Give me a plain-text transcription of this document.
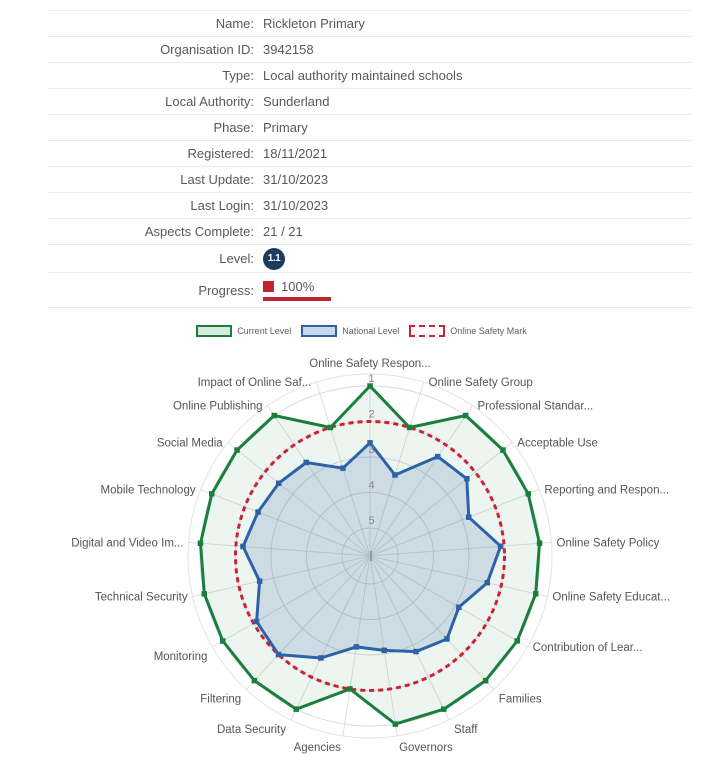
Name: Rickleton Primary
Organisation ID: 3942158
Type: Local authority maintained schools
Local Authority: Sunderland
Phase: Primary
Registered: 18/11/2021
Last Update: 31/10/2023
Last Login: 31/10/2023
Aspects Complete: 21 / 21
Level:	1.1
Progress: 100%
Current Level	National Level	Online Safety Mark
1
2
3
4
5
Online Safety Respon...
Online Safety Group
Professional Standar...
Acceptable Use
Reporting and Respon...
Online Safety Policy
Online Safety Educat...
Contribution of Lear...
Families
Staff
Governors
Agencies
Data Security
Filtering
Monitoring
Technical Security
Digital and Video Im...
Mobile Technology
Social Media
Online Publishing
Impact of Online Saf...
